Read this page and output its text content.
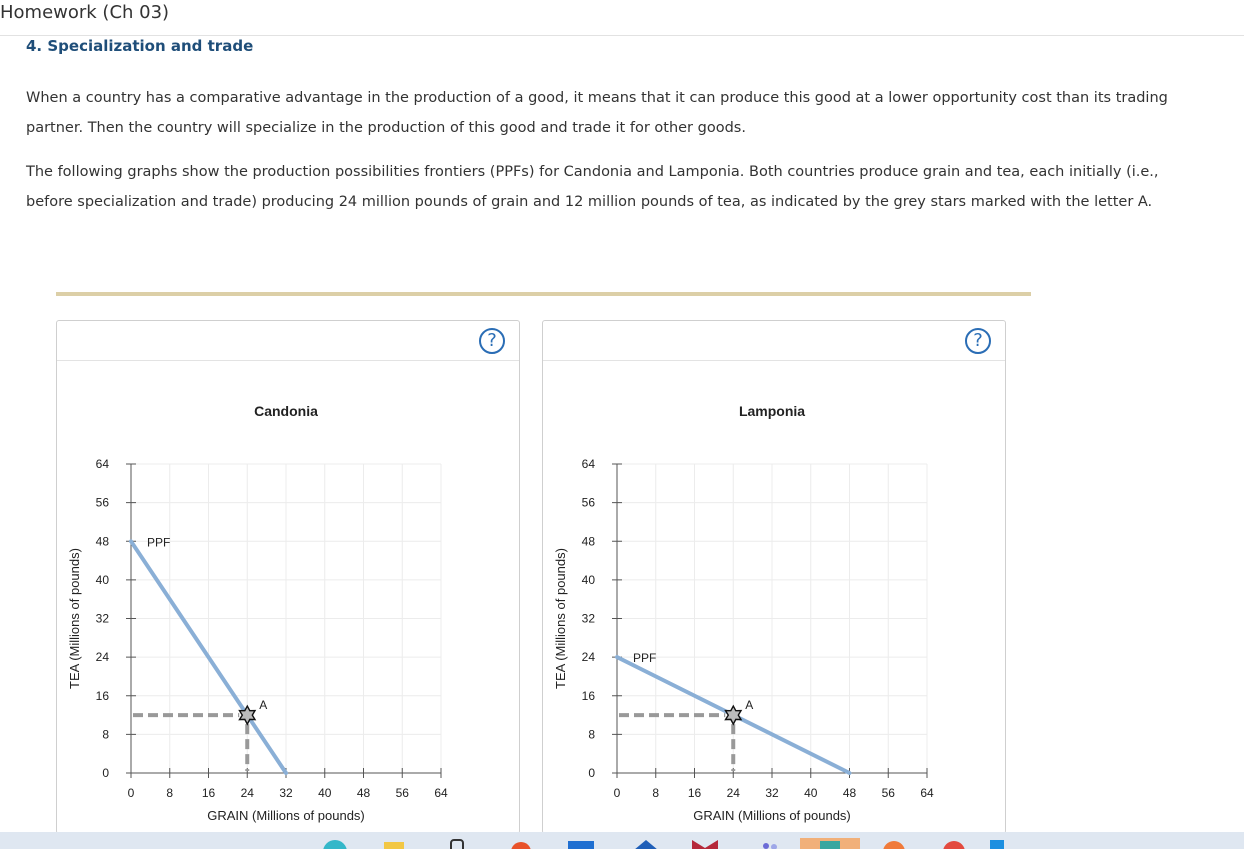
Homework (Ch 03)
4. Specialization and trade

When a country has a comparative advantage in the production of a good, it means that it can produce this good at a lower opportunity cost than its trading partner. Then the country will specialize in the production of this good and trade it for other goods.

The following graphs show the production possibilities frontiers (PPFs) for Candonia and Lamponia. Both countries produce grain and tea, each initially (i.e., before specialization and trade) producing 24 million pounds of grain and 12 million pounds of tea, as indicated by the grey stars marked with the letter A.

?
Candonia
0	8 16 24 32 40 48 56 64
0
8
16
24
32
40
48
56
64
GRAIN (Millions of pounds)
TEA (Millions of pounds)
PPF
A
?
Lamponia
0	8 16 24 32 40 48 56 64
0
8
16
24
32
40
48
56
64
GRAIN (Millions of pounds)
TEA (Millions of pounds)	PPF
A
